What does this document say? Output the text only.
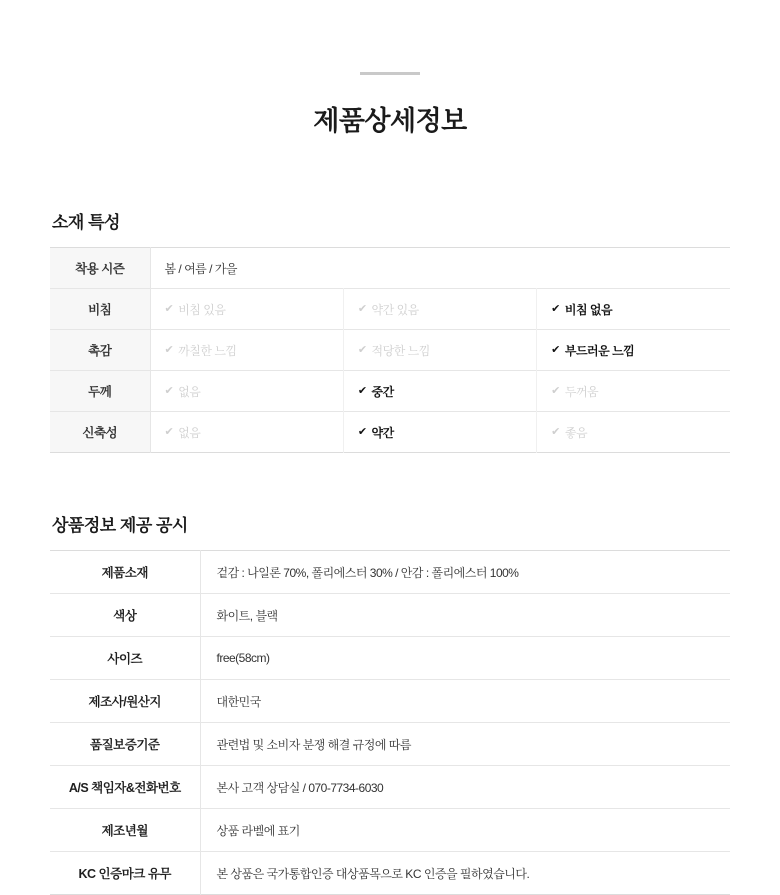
제품상세정보
소재 특성
착용 시즌	봄 / 여름 / 가을		
비침	✔ 비침 있음	✔ 약간 있음	✔ 비침 없음

촉감	✔ 까칠한 느낌	✔ 적당한 느낌	✔ 부드러운 느낌

두께	✔ 없음	✔ 중간	✔ 두꺼움

신축성	✔ 없음	✔ 약간	✔ 좋음
상품정보 제공 공시
제품소재	겉감 : 나일론 70%, 폴리에스터 30% / 안감 : 폴리에스터 100%
색상	화이트, 블랙
사이즈	free(58cm)
제조사/원산지	대한민국
품질보증기준	관련법 및 소비자 분쟁 해결 규정에 따름
A/S 책임자&전화번호	본사 고객 상담실 / 070-7734-6030
제조년월	상품 라벨에 표기
KC 인증마크 유무	본 상품은 국가통합인증 대상품목으로 KC 인증을 필하였습니다.
